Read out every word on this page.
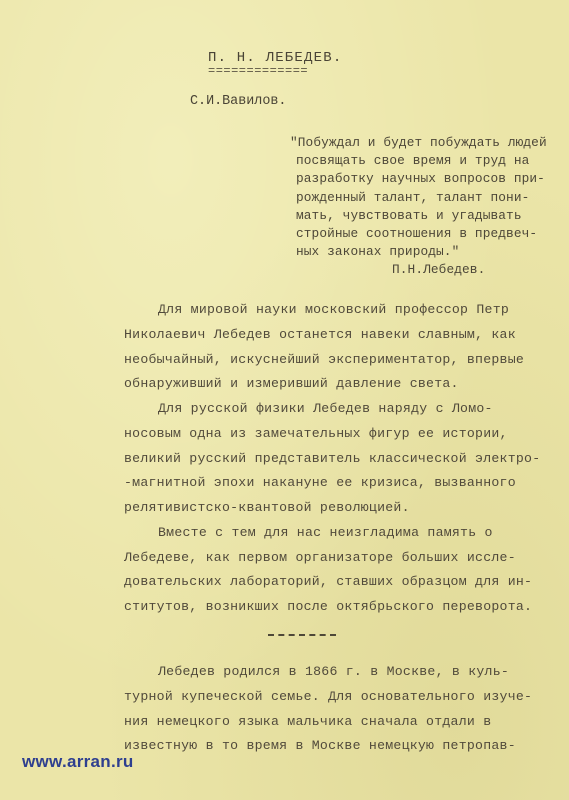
П. Н. ЛЕБЕДЕВ.
=============
С.И.Вавилов.
"Побуждал и будет побуждать людей
посвящать свое время и труд на
разработку научных вопросов при-
рожденный талант, талант пони-
мать, чувствовать и угадывать
стройные соотношения в предвеч-
ных законах природы."
П.Н.Лебедев.
Для мировой науки московский профессор Петр
Николаевич Лебедев останется навеки славным, как
необычайный, искуснейший экспериментатор, впервые
обнаруживший и измеривший давление света.
Для русской физики Лебедев наряду с Ломо-
носовым одна из замечательных фигур ее истории,
великий русский представитель классической электро-
-магнитной эпохи накануне ее кризиса, вызванного
релятивистско-квантовой революцией.
Вместе с тем для нас неизгладима память о
Лебедеве, как первом организаторе больших иссле-
довательских лабораторий, ставших образцом для ин-
ститутов, возникших после октябрьского переворота.
Лебедев родился в 1866 г. в Москве, в куль-
турной купеческой семье. Для основательного изуче-
ния немецкого языка мальчика сначала отдали в
известную в то время в Москве немецкую петропав-
www.arran.ru
